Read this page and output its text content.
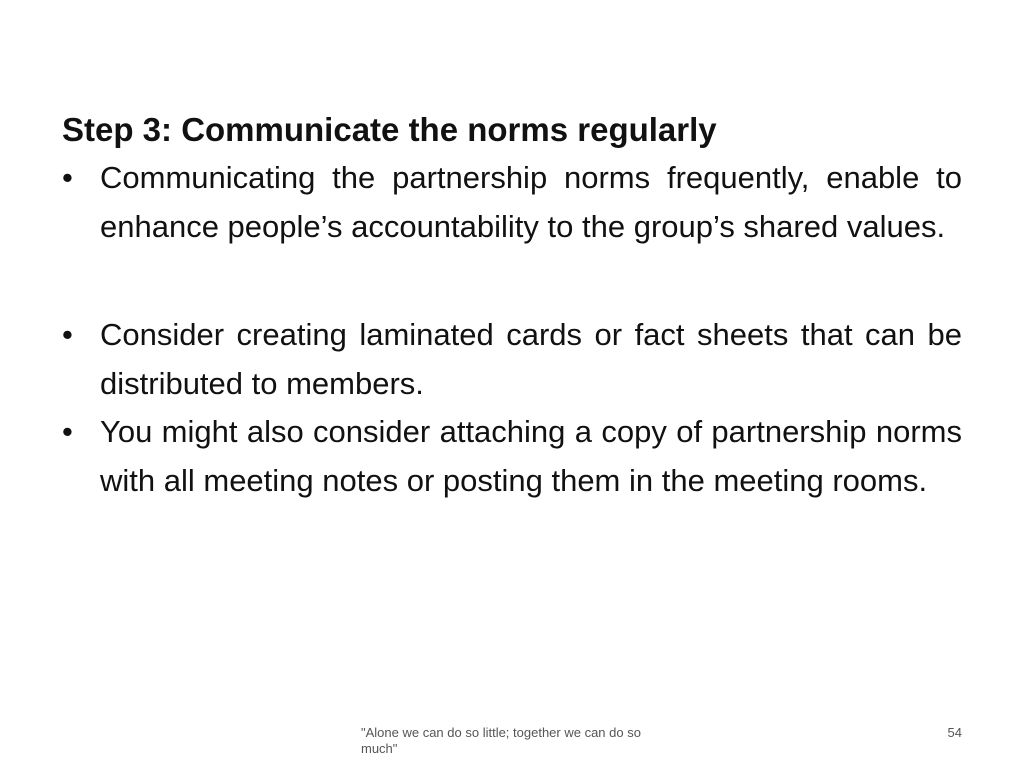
Step 3: Communicate the norms regularly
• Communicating the partnership norms frequently, enable to enhance people’s accountability to the group’s shared values.
• Consider creating laminated cards or fact sheets that can be distributed to members.
• You might also consider attaching a copy of partnership norms with all meeting notes or posting them in the meeting rooms.
"Alone we can do so little; together we can do so much"
54
